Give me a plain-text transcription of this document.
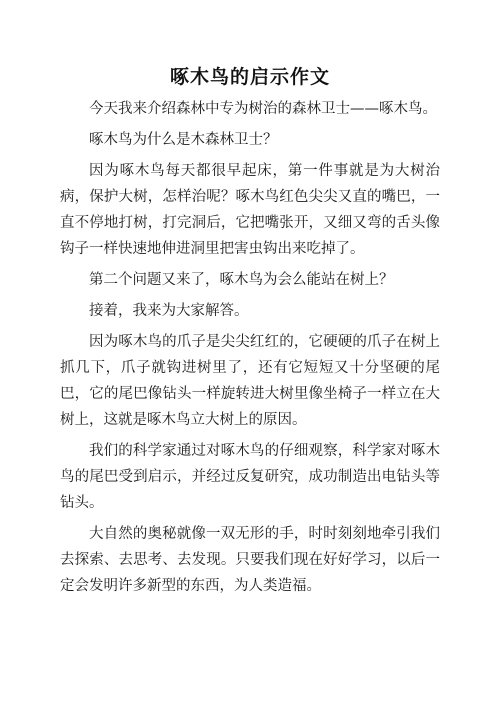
啄木鸟的启示作文

今天我来介绍森林中专为树治的森林卫士——啄木鸟。

啄木鸟为什么是木森林卫士？

因为啄木鸟每天都很早起床，第一件事就是为大树治病，保护大树，怎样治呢？啄木鸟红色尖尖又直的嘴巴，一直不停地打树，打完洞后，它把嘴张开，又细又弯的舌头像钩子一样快速地伸进洞里把害虫钩出来吃掉了。

第二个问题又来了，啄木鸟为会么能站在树上？

接着，我来为大家解答。

因为啄木鸟的爪子是尖尖红红的，它硬硬的爪子在树上抓几下，爪子就钩进树里了，还有它短短又十分坚硬的尾巴，它的尾巴像钻头一样旋转进大树里像坐椅子一样立在大树上，这就是啄木鸟立大树上的原因。

我们的科学家通过对啄木鸟的仔细观察，科学家对啄木鸟的尾巴受到启示，并经过反复研究，成功制造出电钻头等钻头。

大自然的奥秘就像一双无形的手，时时刻刻地牵引我们去探索、去思考、去发现。只要我们现在好好学习，以后一定会发明许多新型的东西，为人类造福。
